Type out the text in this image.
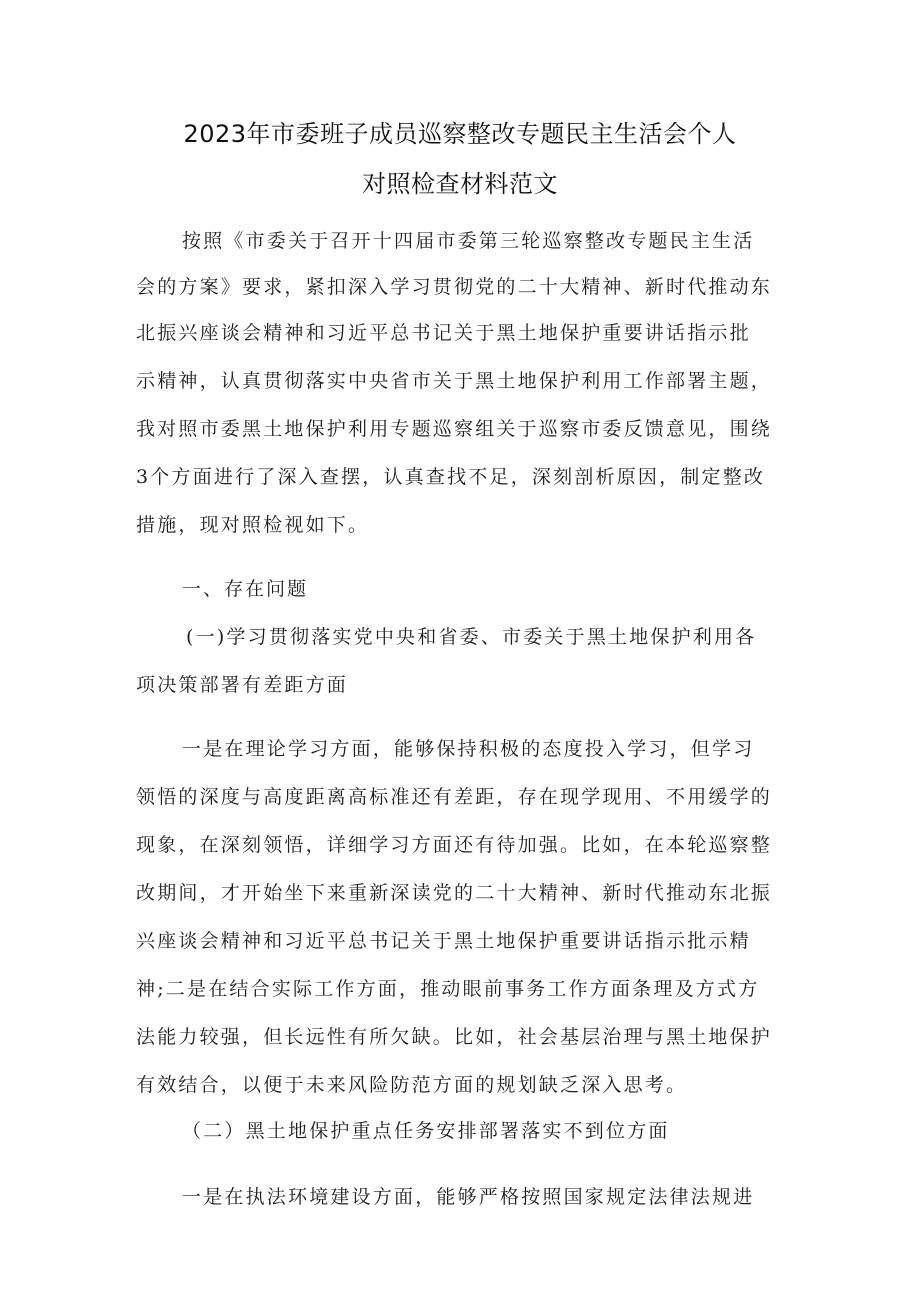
2023年市委班子成员巡察整改专题民主生活会个人
对照检查材料范文
按照《市委关于召开十四届市委第三轮巡察整改专题民主生活
会的方案》要求，紧扣深入学习贯彻党的二十大精神、新时代推动东
北振兴座谈会精神和习近平总书记关于黑土地保护重要讲话指示批
示精神，认真贯彻落实中央省市关于黑土地保护利用工作部署主题，
我对照市委黑土地保护利用专题巡察组关于巡察市委反馈意见，围绕
3个方面进行了深入查摆，认真查找不足，深刻剖析原因，制定整改
措施，现对照检视如下。
一、存在问题
(一)学习贯彻落实党中央和省委、市委关于黑土地保护利用各
项决策部署有差距方面
一是在理论学习方面，能够保持积极的态度投入学习，但学习
领悟的深度与高度距离高标准还有差距，存在现学现用、不用缓学的
现象，在深刻领悟，详细学习方面还有待加强。比如，在本轮巡察整
改期间，才开始坐下来重新深读党的二十大精神、新时代推动东北振
兴座谈会精神和习近平总书记关于黑土地保护重要讲话指示批示精
神;二是在结合实际工作方面，推动眼前事务工作方面条理及方式方
法能力较强，但长远性有所欠缺。比如，社会基层治理与黑土地保护
有效结合，以便于未来风险防范方面的规划缺乏深入思考。
（二）黑土地保护重点任务安排部署落实不到位方面
一是在执法环境建设方面，能够严格按照国家规定法律法规进
